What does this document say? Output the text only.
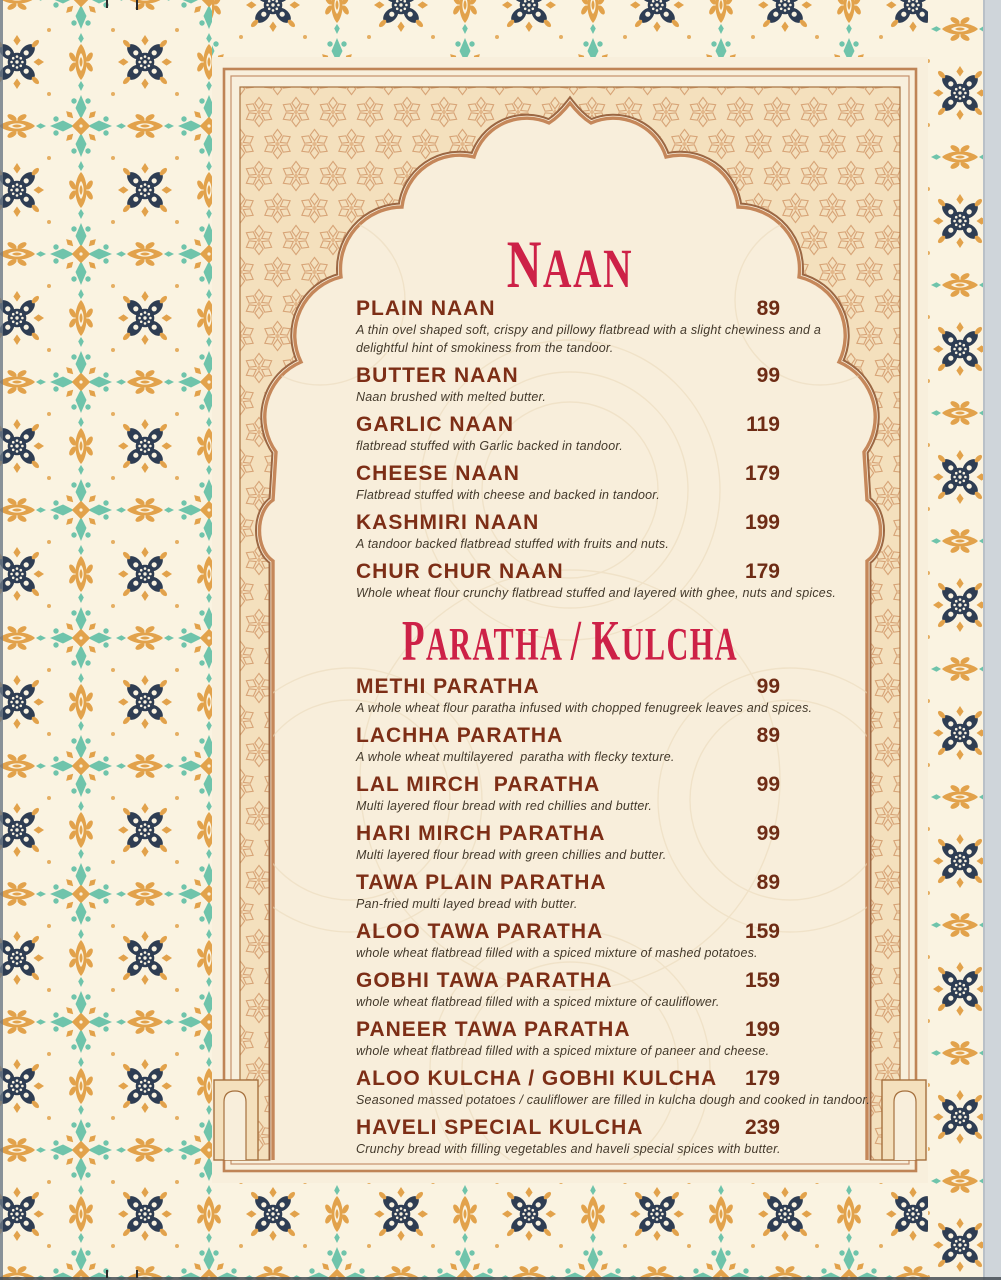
NAAN
PLAIN NAAN	89
A thin ovel shaped soft, crispy and pillowy flatbread with a slight chewiness and a
delightful hint of smokiness from the tandoor.
BUTTER NAAN	99
Naan brushed with melted butter.
GARLIC NAAN	119
flatbread stuffed with Garlic backed in tandoor.
CHEESE NAAN	179
Flatbread stuffed with cheese and backed in tandoor.
KASHMIRI NAAN	199
A tandoor backed flatbread stuffed with fruits and nuts.
CHUR CHUR NAAN	179
Whole wheat flour crunchy flatbread stuffed and layered with ghee, nuts and spices.
PARATHA / KULCHA
METHI PARATHA	99
A whole wheat flour paratha infused with chopped fenugreek leaves and spices.
LACHHA PARATHA	89
A whole wheat multilayered  paratha with flecky texture.
LAL MIRCH  PARATHA	99
Multi layered flour bread with red chillies and butter.
HARI MIRCH PARATHA	99
Multi layered flour bread with green chillies and butter.
TAWA PLAIN PARATHA	89
Pan-fried multi layed bread with butter.
ALOO TAWA PARATHA	159
whole wheat flatbread filled with a spiced mixture of mashed potatoes.
GOBHI TAWA PARATHA	159
whole wheat flatbread filled with a spiced mixture of cauliflower.
PANEER TAWA PARATHA	199
whole wheat flatbread filled with a spiced mixture of paneer and cheese.
ALOO KULCHA / GOBHI KULCHA 179
Seasoned massed potatoes / cauliflower are filled in kulcha dough and cooked in tandoor.
HAVELI SPECIAL KULCHA	239
Crunchy bread with filling vegetables and haveli special spices with butter.
